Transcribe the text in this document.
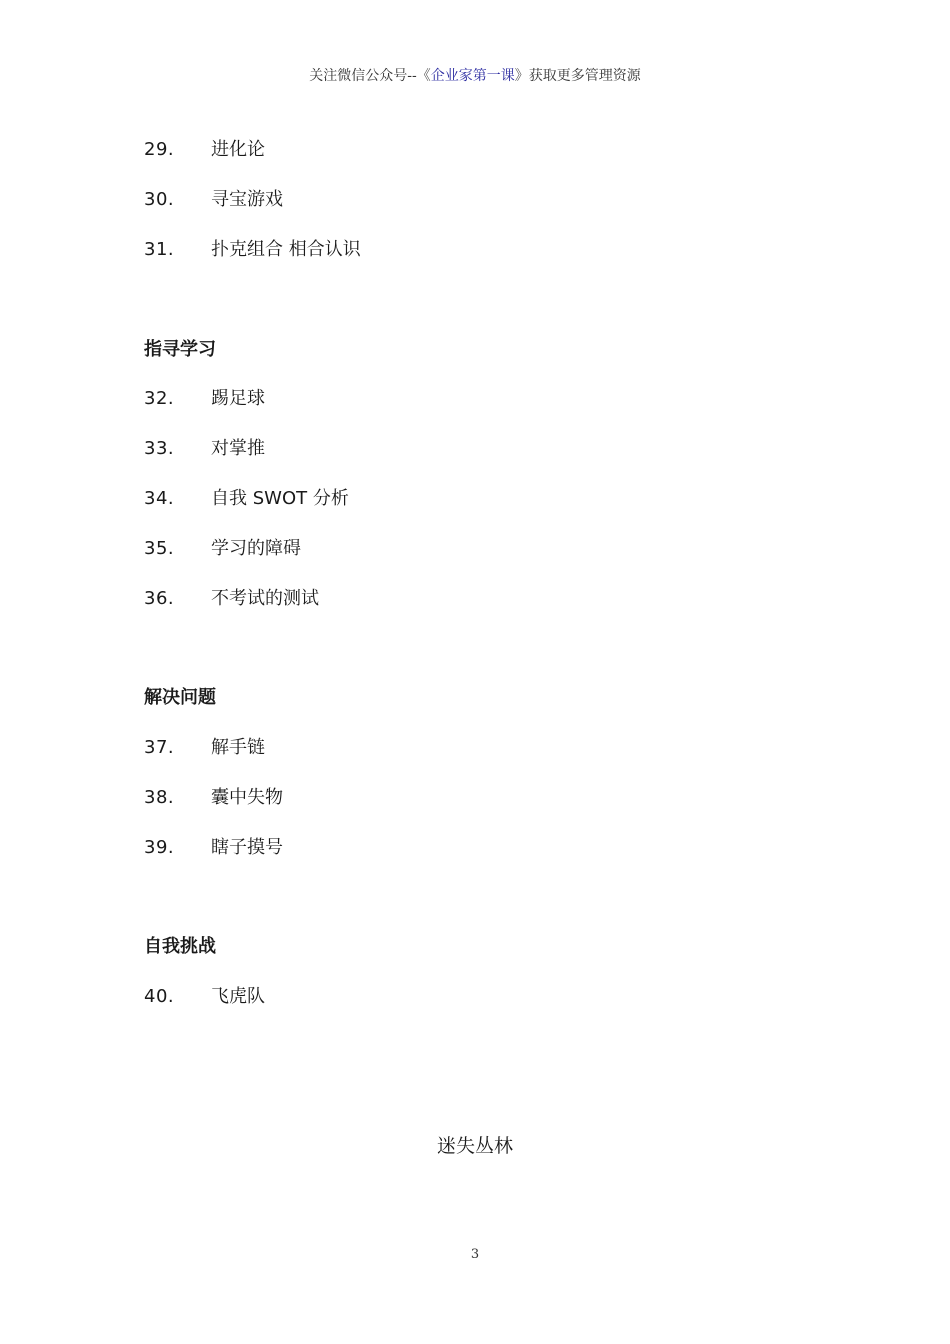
关注微信公众号--《企业家第一课》获取更多管理资源
29. 进化论
30. 寻宝游戏
31. 扑克组合 相合认识
指寻学习
32. 踢足球
33. 对掌推
34. 自我 SWOT 分析
35. 学习的障碍
36. 不考试的测试
解决问题
37. 解手链
38. 囊中失物
39. 瞎子摸号
自我挑战
40. 飞虎队
迷失丛林
3
